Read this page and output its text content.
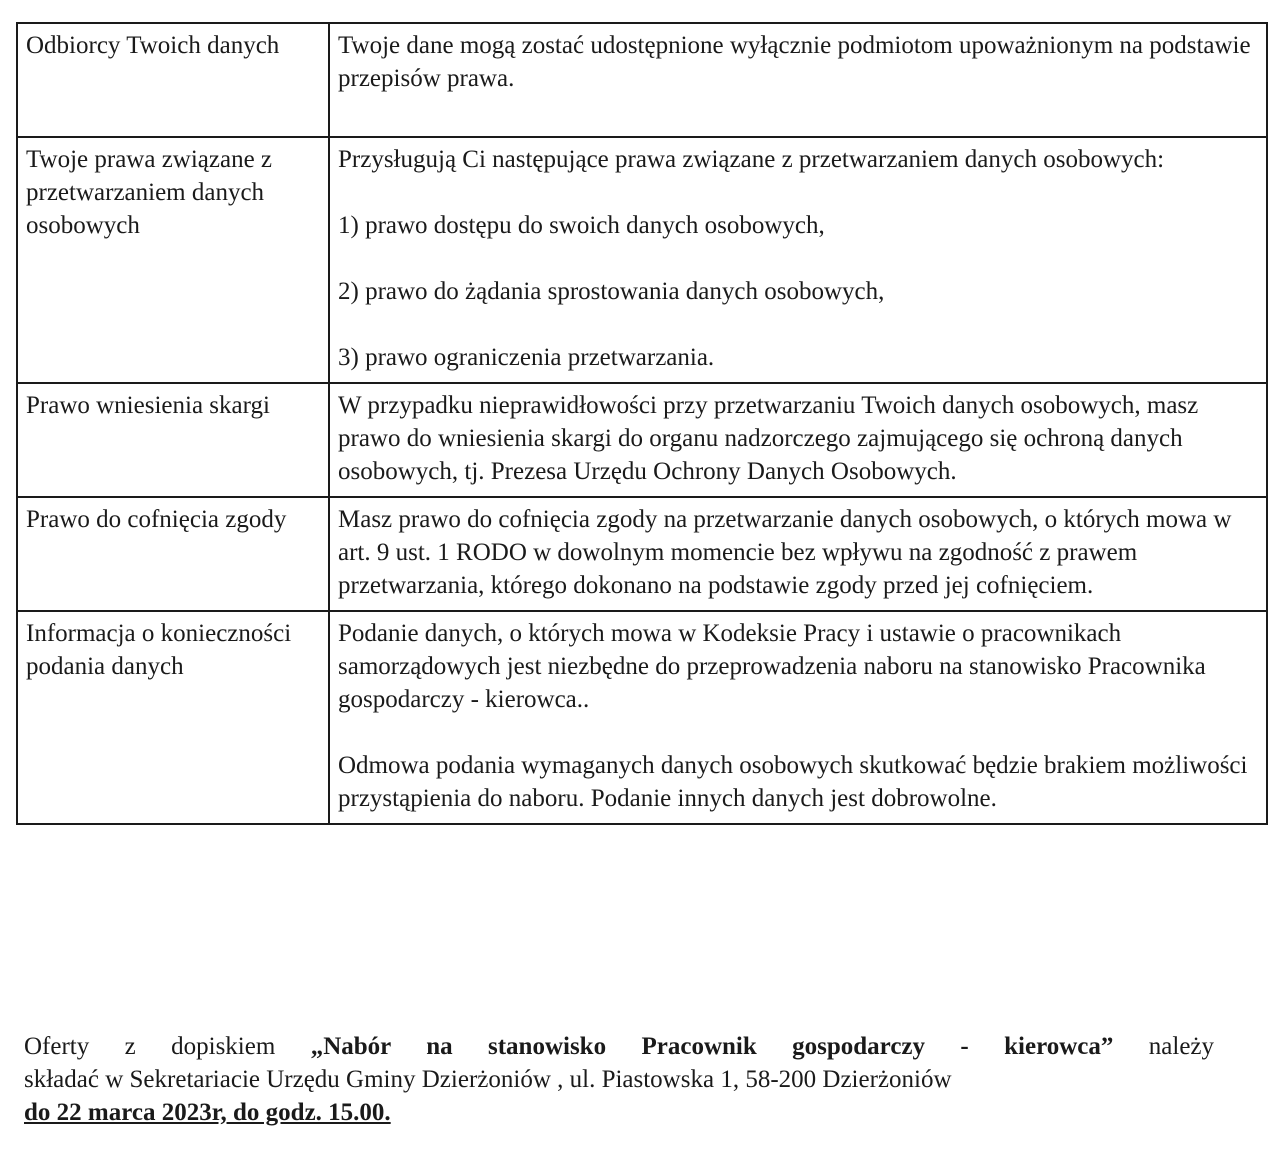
Odbiorcy Twoich danych	Twoje dane mogą zostać udostępnione wyłącznie podmiotom upoważnionym na podstawie przepisów prawa.

Twoje prawa związane z przetwarzaniem danych osobowych	Przysługują Ci następujące prawa związane z przetwarzaniem danych osobowych:

1) prawo dostępu do swoich danych osobowych,

2) prawo do żądania sprostowania danych osobowych,

3) prawo ograniczenia przetwarzania.

Prawo wniesienia skargi	W przypadku nieprawidłowości przy przetwarzaniu Twoich danych osobowych, masz prawo do wniesienia skargi do organu nadzorczego zajmującego się ochroną danych osobowych, tj. Prezesa Urzędu Ochrony Danych Osobowych.

Prawo do cofnięcia zgody	Masz prawo do cofnięcia zgody na przetwarzanie danych osobowych, o których mowa w art. 9 ust. 1 RODO w dowolnym momencie bez wpływu na zgodność z prawem przetwarzania, którego dokonano na podstawie zgody przed jej cofnięciem.

Informacja o konieczności podania danych	Podanie danych, o których mowa w Kodeksie Pracy i ustawie o pracownikach samorządowych jest niezbędne do przeprowadzenia naboru na stanowisko Pracownika gospodarczy - kierowca..

Odmowa podania wymaganych danych osobowych skutkować będzie brakiem możliwości przystąpienia do naboru. Podanie innych danych jest dobrowolne.

Oferty z dopiskiem „Nabór na stanowisko Pracownik gospodarczy - kierowca” należy
składać w Sekretariacie Urzędu Gminy Dzierżoniów , ul. Piastowska 1, 58-200 Dzierżoniów
do 22 marca 2023r, do godz. 15.00.
